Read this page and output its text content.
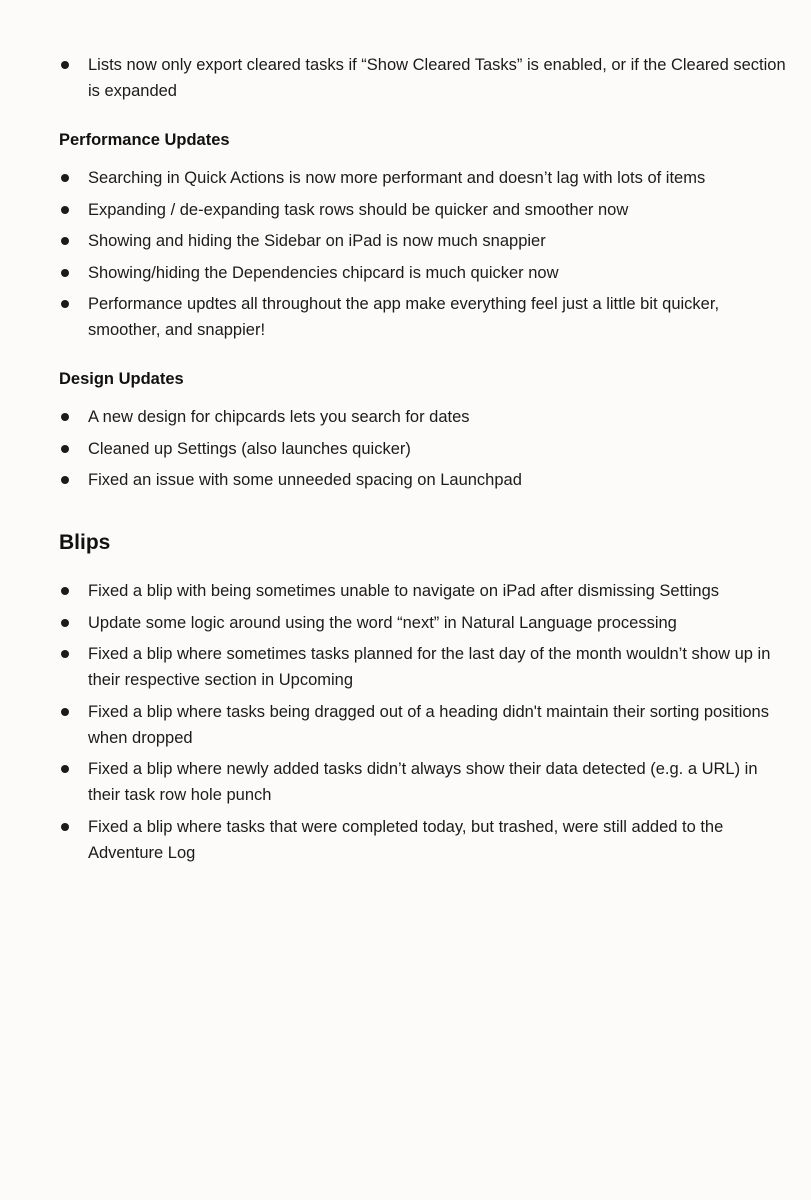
Lists now only export cleared tasks if “Show Cleared Tasks” is enabled, or if the Cleared section is expanded
Performance Updates
Searching in Quick Actions is now more performant and doesn’t lag with lots of items
Expanding / de-expanding task rows should be quicker and smoother now
Showing and hiding the Sidebar on iPad is now much snappier
Showing/hiding the Dependencies chipcard is much quicker now
Performance updtes all throughout the app make everything feel just a little bit quicker, smoother, and snappier!
Design Updates
A new design for chipcards lets you search for dates
Cleaned up Settings (also launches quicker)
Fixed an issue with some unneeded spacing on Launchpad
Blips
Fixed a blip with being sometimes unable to navigate on iPad after dismissing Settings
Update some logic around using the word “next” in Natural Language processing
Fixed a blip where sometimes tasks planned for the last day of the month wouldn’t show up in their respective section in Upcoming
Fixed a blip where tasks being dragged out of a heading didn't maintain their sorting positions when dropped
Fixed a blip where newly added tasks didn’t always show their data detected (e.g. a URL) in their task row hole punch
Fixed a blip where tasks that were completed today, but trashed, were still added to the Adventure Log
